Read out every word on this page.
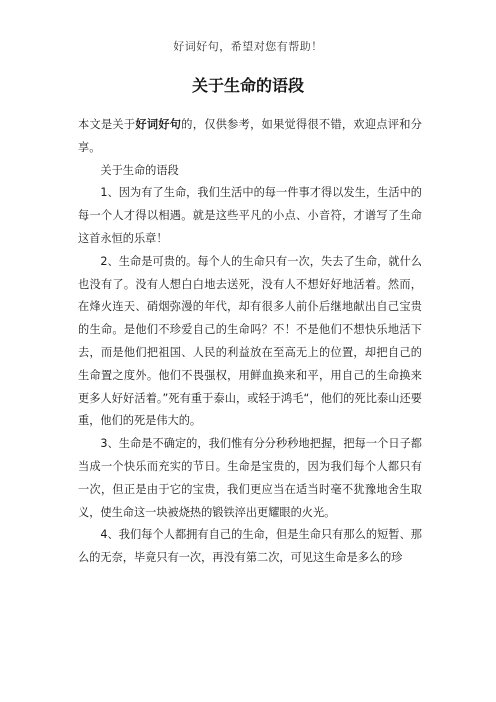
好词好句，希望对您有帮助！
关于生命的语段

本文是关于好词好句的，仅供参考，如果觉得很不错，欢迎点评和分享。

关于生命的语段

1、因为有了生命，我们生活中的每一件事才得以发生，生活中的每一个人才得以相遇。就是这些平凡的小点、小音符，才谱写了生命这首永恒的乐章！

2、生命是可贵的。每个人的生命只有一次，失去了生命，就什么也没有了。没有人想白白地去送死，没有人不想好好地活着。然而，在烽火连天、硝烟弥漫的年代，却有很多人前仆后继地献出自己宝贵的生命。是他们不珍爱自己的生命吗？不！不是他们不想快乐地活下去，而是他们把祖国、人民的利益放在至高无上的位置，却把自己的生命置之度外。他们不畏强权，用鲜血换来和平，用自己的生命换来更多人好好活着。”死有重于泰山，或轻于鸿毛“，他们的死比泰山还要重，他们的死是伟大的。

3、生命是不确定的，我们惟有分分秒秒地把握，把每一个日子都当成一个快乐而充实的节日。生命是宝贵的，因为我们每个人都只有一次，但正是由于它的宝贵，我们更应当在适当时毫不犹豫地舍生取义，使生命这一块被烧热的锻铁淬出更耀眼的火光。

4、我们每个人都拥有自己的生命，但是生命只有那么的短暂、那么的无奈，毕竟只有一次，再没有第二次，可见这生命是多么的珍
